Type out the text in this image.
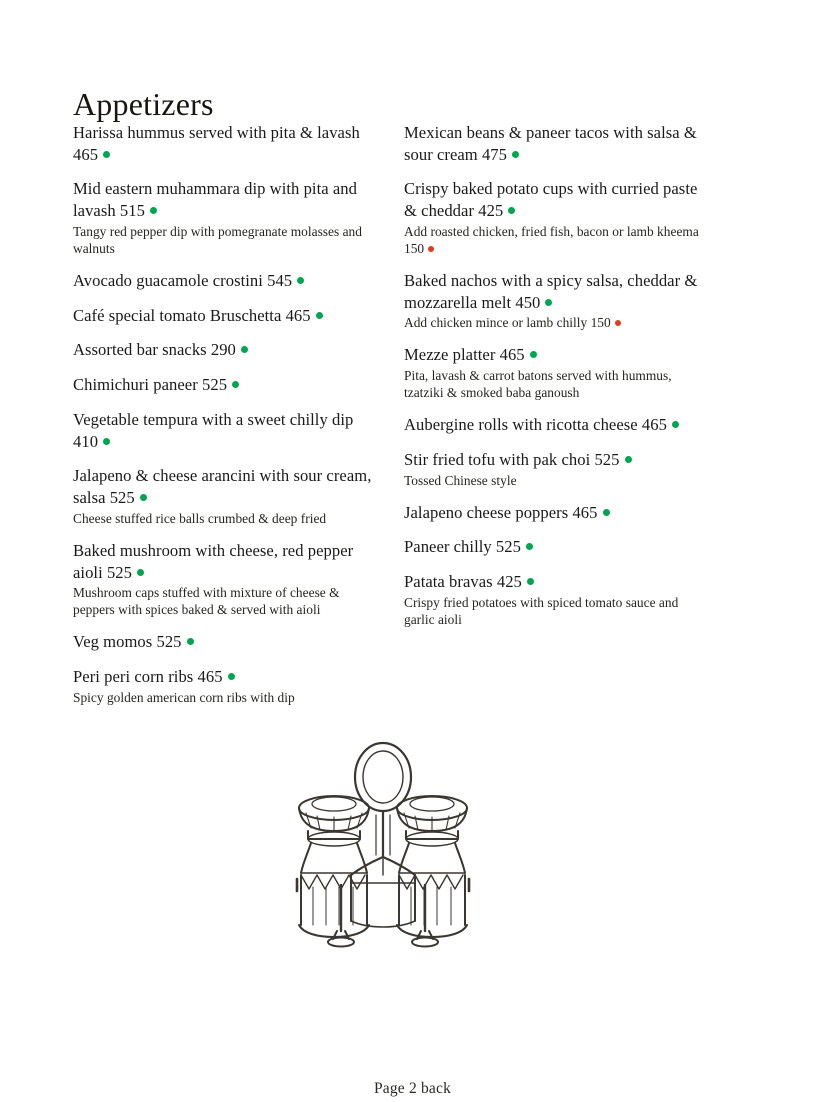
Appetizers
Harissa hummus served with pita & lavash 465
Mid eastern muhammara dip with pita and lavash 515
Tangy red pepper dip with pomegranate molasses and walnuts
Avocado guacamole crostini 545
Café special tomato Bruschetta 465
Assorted bar snacks 290
Chimichuri paneer 525
Vegetable tempura with a sweet chilly dip 410
Jalapeno & cheese arancini with sour cream, salsa 525
Cheese stuffed rice balls crumbed & deep fried
Baked mushroom with cheese, red pepper aioli 525
Mushroom caps stuffed with mixture of cheese & peppers with spices baked & served with aioli
Veg momos 525
Peri peri corn ribs 465
Spicy golden american corn ribs with dip
Mexican beans & paneer tacos with salsa & sour cream 475
Crispy baked potato cups with curried paste & cheddar 425
Add roasted chicken, fried fish, bacon or lamb kheema 150
Baked nachos with a spicy salsa, cheddar & mozzarella melt 450
Add chicken mince or lamb chilly 150
Mezze platter 465
Pita, lavash & carrot batons served with hummus, tzatziki & smoked baba ganoush
Aubergine rolls with ricotta cheese 465
Stir fried tofu with pak choi 525
Tossed Chinese style
Jalapeno cheese poppers 465
Paneer chilly 525
Patata bravas 425
Crispy fried potatoes with spiced tomato sauce and garlic aioli
Page 2 back
